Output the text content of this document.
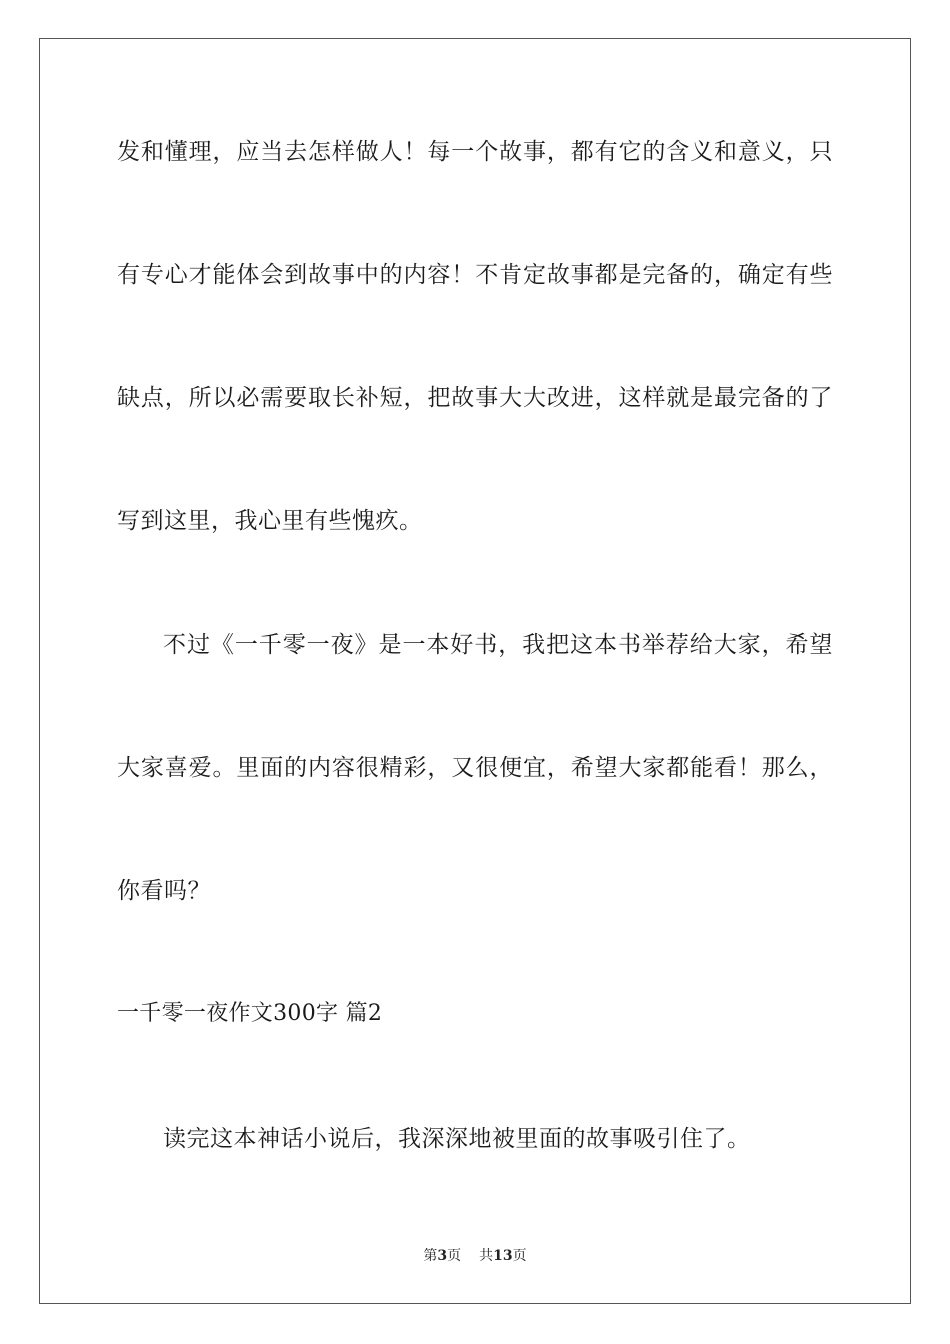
发和懂理，应当去怎样做人！每一个故事，都有它的含义和意义，只
有专心才能体会到故事中的内容！不肯定故事都是完备的，确定有些
缺点，所以必需要取长补短，把故事大大改进，这样就是最完备的了
写到这里，我心里有些愧疚。
不过《一千零一夜》是一本好书，我把这本书举荐给大家，希望
大家喜爱。里面的内容很精彩，又很便宜，希望大家都能看！那么，
你看吗？
一千零一夜作文300字 篇2
读完这本神话小说后，我深深地被里面的故事吸引住了。
第3页 共13页
